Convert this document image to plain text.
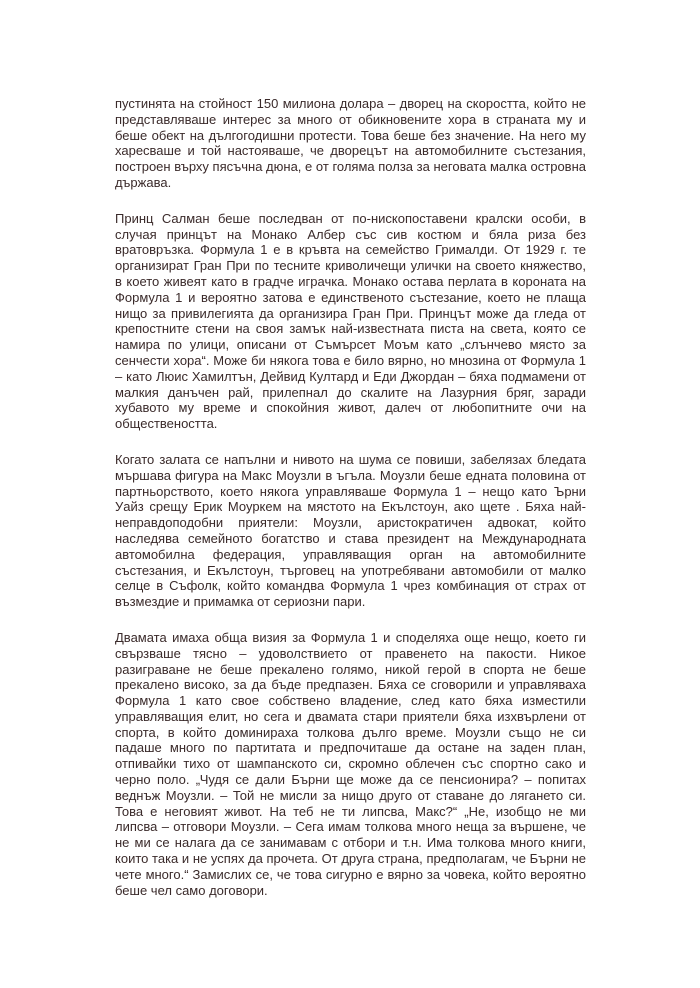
пустинята на стойност 150 милиона долара – дворец на скоростта, който не представляваше интерес за много от обикновените хора в страната му и беше обект на дългогодишни протести. Това беше без значение. На него му харесваше и той настояваше, че дворецът на автомобилните състезания, построен върху пясъчна дюна, е от голяма полза за неговата малка островна държава.

Принц Салман беше последван от по-нископоставени кралски особи, в случая принцът на Монако Албер със сив костюм и бяла риза без вратовръзка. Формула 1 е в кръвта на семейство Грималди. От 1929 г. те организират Гран При по тесните криволичещи улички на своето княжество, в което живеят като в градче играчка. Монако остава перлата в короната на Формула 1 и вероятно затова е единственото състезание, което не плаща нищо за привилегията да организира Гран При. Принцът може да гледа от крепостните стени на своя замък най-известната писта на света, която се намира по улици, описани от Съмърсет Моъм като „слънчево място за сенчести хора“. Може би някога това е било вярно, но мнозина от Формула 1 – като Люис Хамилтън, Дейвид Култард и Еди Джордан – бяха подмамени от малкия данъчен рай, прилепнал до скалите на Лазурния бряг, заради хубавото му време и спокойния живот, далеч от любопитните очи на обществеността.

Когато залата се напълни и нивото на шума се повиши, забелязах бледата мършава фигура на Макс Моузли в ъгъла. Моузли беше едната половина от партньорството, което някога управляваше Формула 1 – нещо като Ърни Уайз срещу Ерик Моуркем на мястото на Екълстоун, ако щете . Бяха най-неправдоподобни приятели: Моузли, аристократичен адвокат, който наследява семейното богатство и става президент на Международната автомобилна федерация, управляващия орган на автомобилните състезания, и Екълстоун, търговец на употребявани автомобили от малко селце в Съфолк, който командва Формула 1 чрез комбинация от страх от възмездие и примамка от сериозни пари.

Двамата имаха обща визия за Формула 1 и споделяха още нещо, което ги свързваше тясно – удоволствието от правенето на пакости. Никое разиграване не беше прекалено голямо, никой герой в спорта не беше прекалено високо, за да бъде предпазен. Бяха се сговорили и управляваха Формула 1 като свое собствено владение, след като бяха изместили управляващия елит, но сега и двамата стари приятели бяха изхвърлени от спорта, в който доминираха толкова дълго време. Моузли също не си падаше много по партитата и предпочиташе да остане на заден план, отпивайки тихо от шампанското си, скромно облечен със спортно сако и черно поло. „Чудя се дали Бърни ще може да се пенсионира? – попитах веднъж Моузли. – Той не мисли за нищо друго от ставане до лягането си. Това е неговият живот. На теб не ти липсва, Макс?“ „Не, изобщо не ми липсва – отговори Моузли. – Сега имам толкова много неща за вършене, че не ми се налага да се занимавам с отбори и т.н. Има толкова много книги, които така и не успях да прочета. От друга страна, предполагам, че Бърни не чете много.“ Замислих се, че това сигурно е вярно за човека, който вероятно беше чел само договори.
